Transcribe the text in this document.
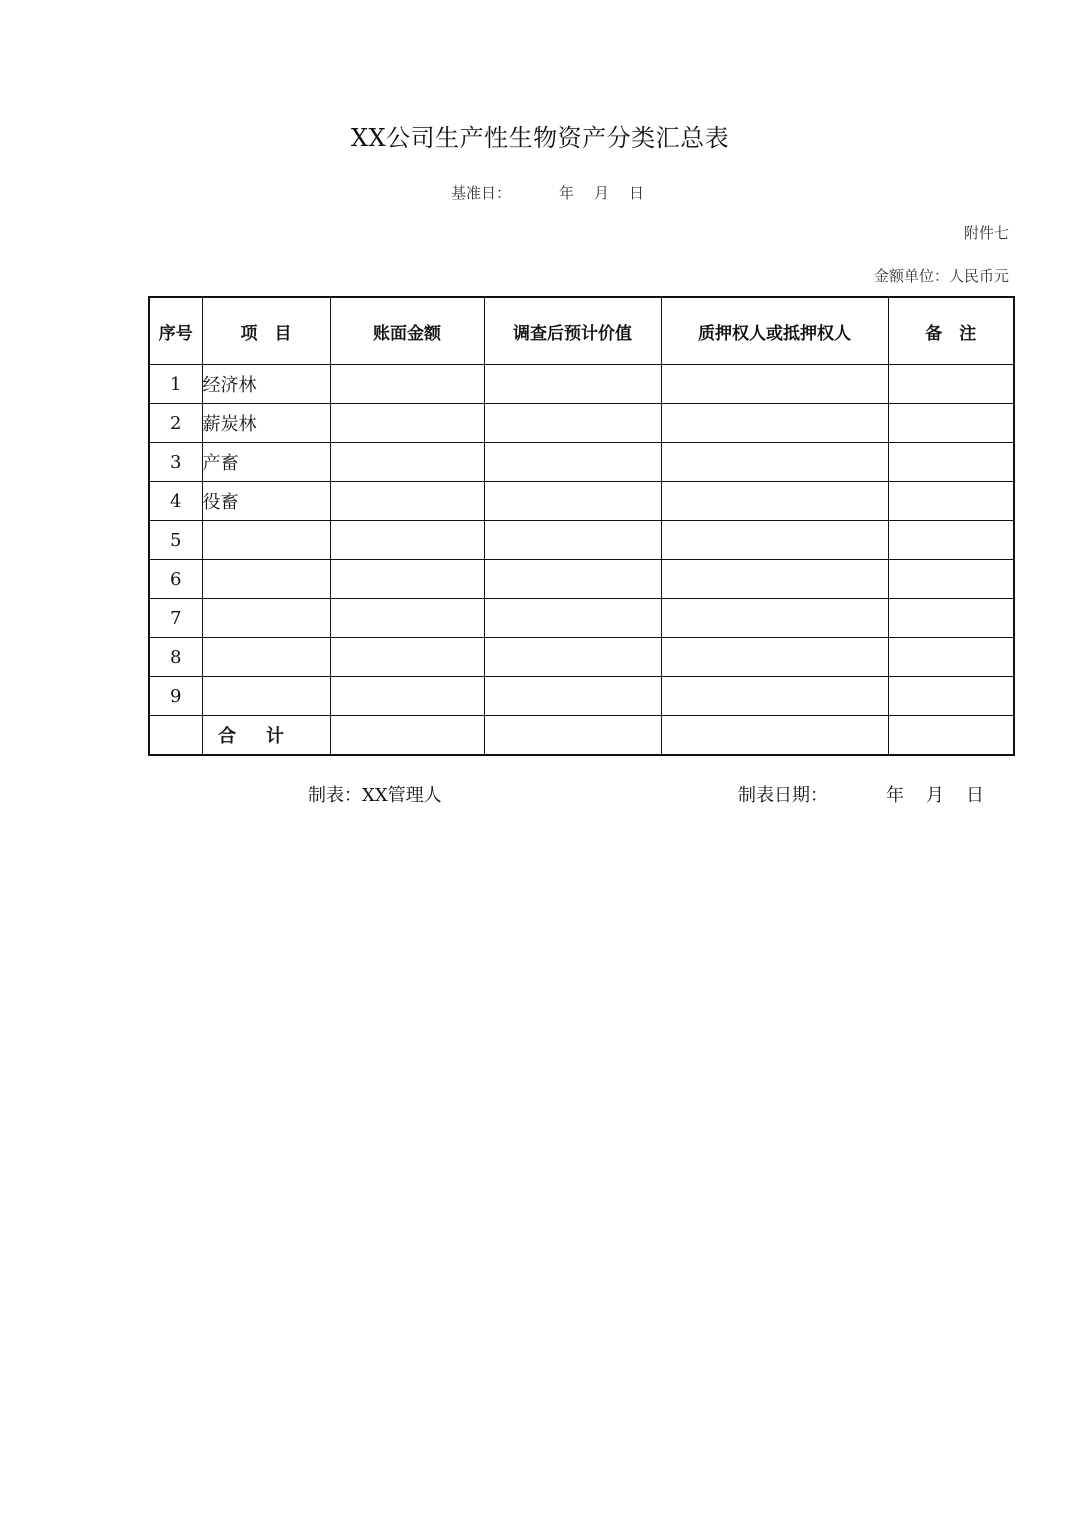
XX公司生产性生物资产分类汇总表
基准日：	年 月 日
附件七
金额单位：人民币元
序号	项　目	账面金额	调查后预计价值	质押权人或抵押权人	备　注
1	经济林				
2	薪炭林				
3	产畜				
4	役畜				
5					
6					
7					
8					
9					
	合计				
制表：XX管理人	制表日期：	年 月 日
